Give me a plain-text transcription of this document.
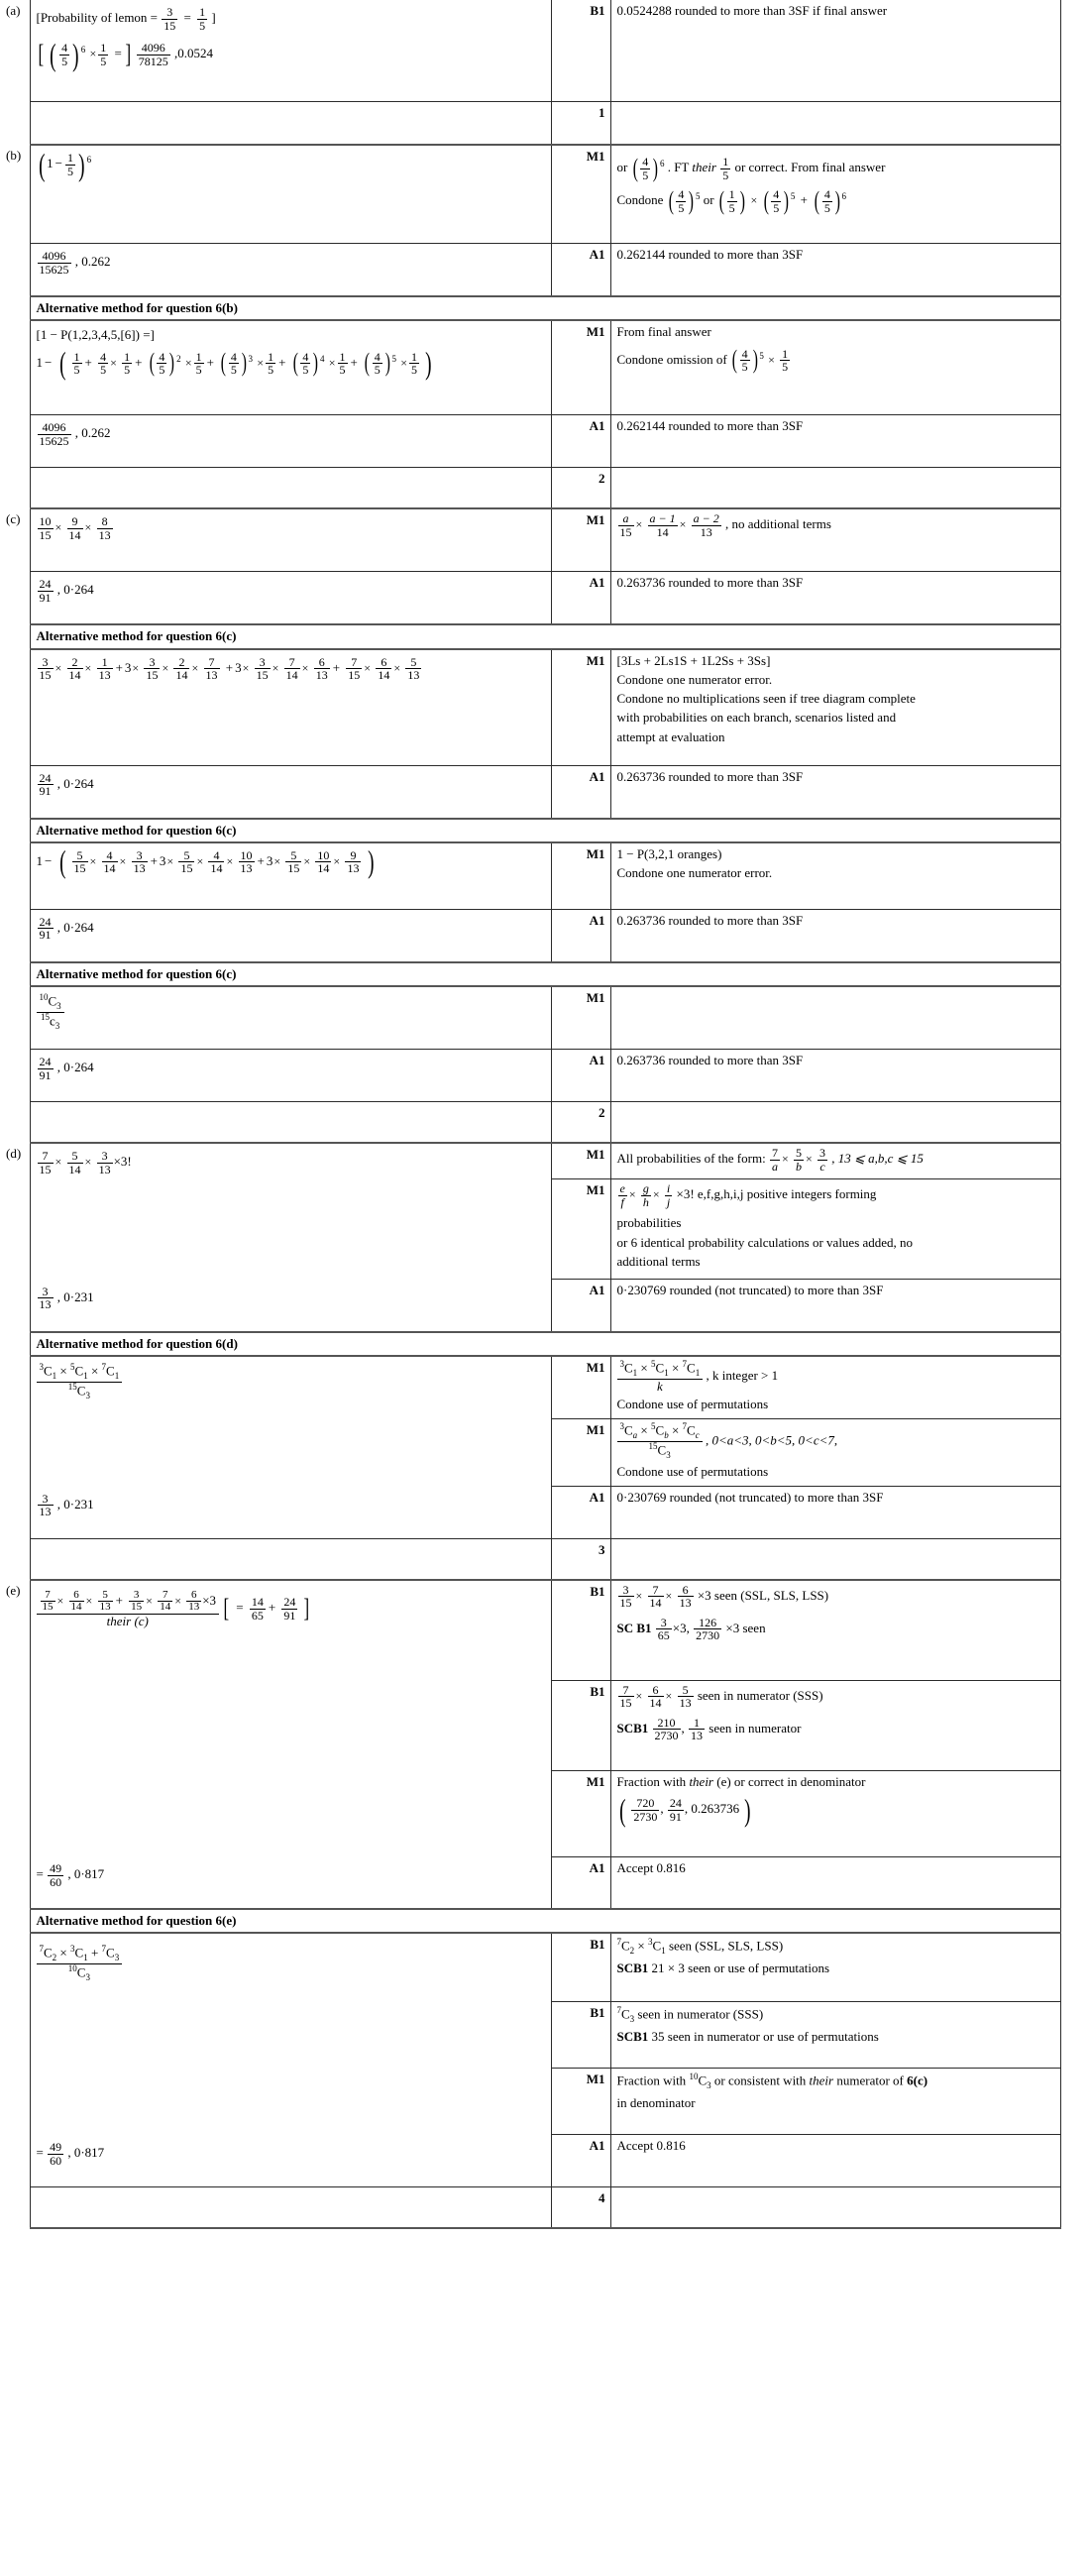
(a)	[Probability of lemon = $\frac{3}{15} = \frac{1}{5}$ ]
[ ( $\frac{4}{5}$ ) $^6 \times \frac{1}{5}$ = ] $\frac{4096}{78125} ,0.0524$
	B1	0.0524288 rounded to more than 3SF if final answer

		1	
(b)	( $1 - \frac{1}{5}$ ) $^6$	M1	

or ( $\frac{4}{5}$ ) $^6$ . FT their $\frac{1}{5}$ or correct. From final answer

Condone ( $\frac{4}{5}$ ) $^5$ or ( $\frac{1}{5}$ ) × ( $\frac{4}{5}$ ) $^5$ + ( $\frac{4}{5}$ ) $^6$

	$\frac{4096}{15625}$ , 0.262	A1	0.262144 rounded to more than 3SF

	Alternative method for question 6(b)		

[1 − P(1,2,3,4,5,[6]) =]
1 − ( $\frac{1}{5} + \frac{4}{5} \times \frac{1}{5}$ + ( $\frac{4}{5}$ ) $^2 \times \frac{1}{5}$ + ( $\frac{4}{5}$ ) $^3 \times \frac{1}{5}$ + ( $\frac{4}{5}$ ) $^4 \times \frac{1}{5}$ + ( $\frac{4}{5}$ ) $^5 \times \frac{1}{5}$ )
	M1	From final answer

Condone omission of ( $\frac{4}{5}$ ) $^5 \times \frac{1}{5}$

	$\frac{4096}{15625}$ , 0.262	A1	0.262144 rounded to more than 3SF

		2	
(c)	$\frac{10}{15} \times \frac{9}{14} \times \frac{8}{13}$	M1	$\frac{a}{15} \times \frac{a - 1}{14} \times \frac{a - 2}{13}$ , no additional terms

	$\frac{24}{91}$ , 0·264	A1	0.263736 rounded to more than 3SF

	Alternative method for question 6(c)		

$\frac{3}{15} \times \frac{2}{14} \times \frac{1}{13} + 3\times \frac{3}{15} \times \frac{2}{14} \times \frac{7}{13} + 3\times \frac{3}{15} \times \frac{7}{14} \times \frac{6}{13} + \frac{7}{15} \times \frac{6}{14} \times \frac{5}{13}$	M1	[3Ls + 2Ls1S + 1L2Ss + 3Ss]

Condone one numerator error.

Condone no multiplications seen if tree diagram complete

with probabilities on each branch, scenarios listed and

attempt at evaluation

	$\frac{24}{91}$ , 0·264	A1	0.263736 rounded to more than 3SF

	Alternative method for question 6(c)		

1 − ( $\frac{5}{15} \times \frac{4}{14} \times \frac{3}{13} + 3\times \frac{5}{15} \times \frac{4}{14} \times \frac{10}{13} + 3\times \frac{5}{15} \times \frac{10}{14} \times \frac{9}{13}$ )	M1	1 − P(3,2,1 oranges)

Condone one numerator error.

	$\frac{24}{91}$ , 0·264	A1	0.263736 rounded to more than 3SF

	Alternative method for question 6(c)		

	$\frac{^{10}C_3}{^{15}c_3}$	M1	

	$\frac{24}{91}$ , 0·264	A1	0.263736 rounded to more than 3SF

		2	
(d)	$\frac{7}{15} \times \frac{5}{14} \times \frac{3}{13} \times 3$!	M1	All probabilities of the form: $\frac{7}{a} \times \frac{5}{b} \times \frac{3}{c}$ , 13 ⩽ a,b,c ⩽ 15

	M1	$\frac{e}{f} \times \frac{g}{h} \times \frac{i}{j} \times 3$! e,f,g,h,i,j positive integers forming

probabilities

or 6 identical probability calculations or values added, no

additional terms

	$\frac{3}{13}$ , 0·231	A1	0·230769 rounded (not truncated) to more than 3SF

	Alternative method for question 6(d)		

$\frac{^3C_1 \times ^5C_1 \times ^7C_1}{^{15}C_3}$	M1	$\frac{^3C_1 \times ^5C_1 \times ^7C_1}{k}$ , k integer > 1

Condone use of permutations

		M1	$\frac{^3C_a \times ^5C_b \times ^7C_c}{^{15}C_3}$ , 0<a<3, 0<b<5, 0<c<7,

Condone use of permutations

	$\frac{3}{13}$ , 0·231	A1	0·230769 rounded (not truncated) to more than 3SF

		3	
(e)	$\frac{7}{15} \times \frac{6}{14} \times \frac{5}{13} + \frac{3}{15} \times \frac{7}{14} \times \frac{6}{13} \times 3$
their (c)	[ = $\frac{14}{65} + \frac{24}{91}$ ]
	B1	$\frac{3}{15} \times \frac{7}{14} \times \frac{6}{13} \times 3$ seen (SSL, SLS, LSS)

SC $B1 \frac{3}{65} \times 3$, $\frac{126}{2730} \times 3$ seen

	B1	$\frac{7}{15} \times \frac{6}{14} \times \frac{5}{13}$ seen in numerator (SSS)

$SCB1 \frac{210}{2730}$ , $\frac{1}{13}$ seen in numerator

	M1	Fraction with their (e) or correct in denominator

( $\frac{720}{2730}$ , $\frac{24}{91}$ , 0.263736 )

	= $\frac{49}{60}$ , 0·817	A1	Accept 0.816

	Alternative method for question 6(e)		

$\frac{^7C_2 \times ^3C_1 + ^7C_3}{^{10}C_3}$
	B1	$^7C_2 \times ^3C_1$ seen (SSL, SLS, LSS)

SCB1 21 × 3 seen or use of permutations

		B1	$^7C_3$ seen in numerator (SSS)

SCB1 35 seen in numerator or use of permutations

		M1	Fraction with $^{10}C_3$ or consistent with their numerator of 6(c)

in denominator

	= $\frac{49}{60}$ , 0·817	A1	Accept 0.816

		4	
